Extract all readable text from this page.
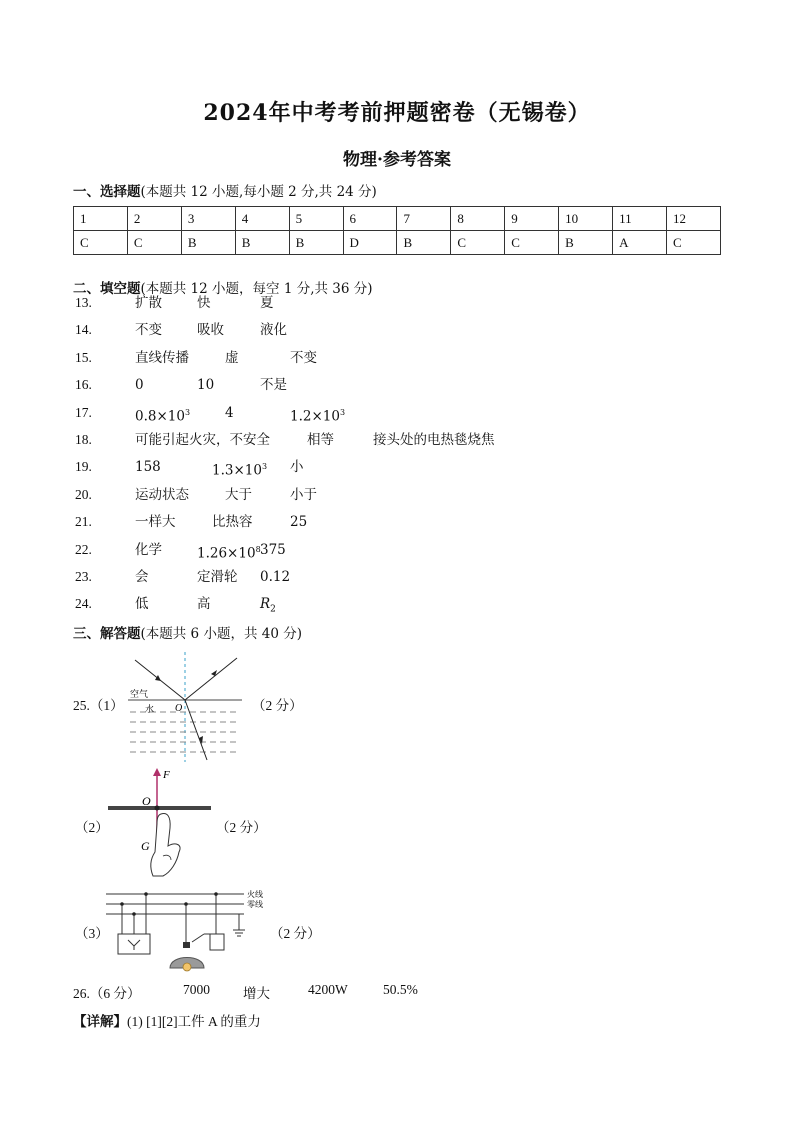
2024年中考考前押题密卷（无锡卷）
物理·参考答案
一、选择题(本题共 12 小题,每小题 2 分,共 24 分)
1	2	3	4	5	6	7	8	9	10	11	12
C	C	B	B	B	D	B	C	C	B	A	C
二、填空题(本题共 12 小题，每空 1 分,共 36 分)
13.	扩散	快	夏
14.	不变	吸收	液化
15.	直线传播	虚	不变
16.	0	10	不是
17.	$0.8\times 10^3$	4	$1.2\times 10^3$
18.	可能引起火灾，不安全	相等	接头处的电热毯烧焦
19.	158	$1.3\times 10^3$ 小
20.	运动状态	大于	小于
21.	一样大	比热容	25
22.	化学	$1.26\times 10^8$ 375
23.	会	定滑轮 0.12
24.	低	高	$R_2$
三、解答题(本题共 6 小题，共 40 分)
25.（1）	（2 分）
空气
水 O
（2）	（2 分）
F
O
G
（3）	（2 分）
火线
零线
26.（6 分）	7000 增大	4200W	50.5%
【详解】(1) [1][2]工件 A 的重力
